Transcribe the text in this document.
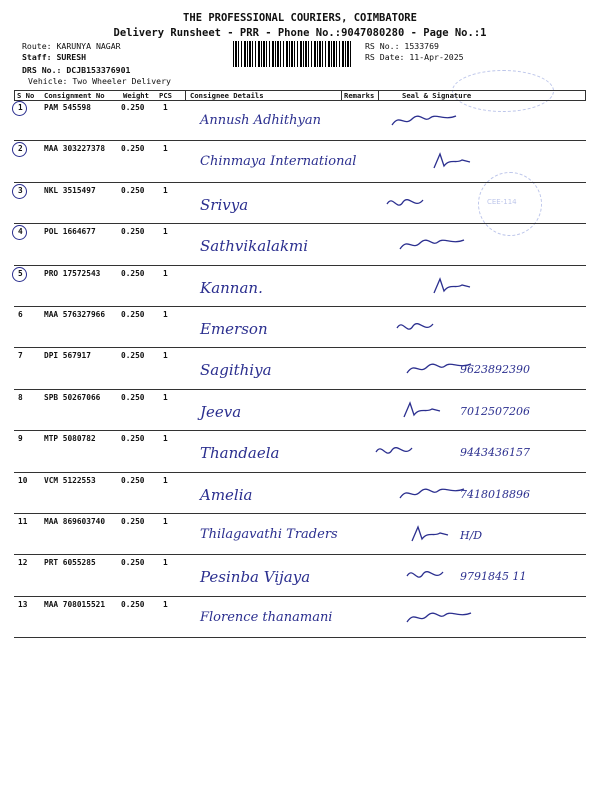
THE PROFESSIONAL COURIERS, COIMBATORE
Delivery Runsheet - PRR - Phone No.:9047080280 - Page No.:1
Route: KARUNYA NAGAR
Staff: SURESH
DRS No.: DCJB153376901
Vehicle: Two Wheeler Delivery
RS No.: 1533769
RS Date: 11-Apr-2025
CEE-114
S No Consignment No	Weight PCS	Consignee Details	Remarks	Seal & Signature
1	PAM 545598	0.250 1
Annush Adhithyan
2	MAA 303227378 0.250 1
Chinmaya International
3	NKL 3515497	0.250 1
Srivya
4	POL 1664677	0.250 1
Sathvikalakmi
5	PRO 17572543	0.250 1
Kannan.
6	MAA 576327966 0.250 1
Emerson
7	DPI 567917	0.250 1
Sagithiya	9623892390
8	SPB 50267066	0.250 1
Jeeva	7012507206
9	MTP 5080782	0.250 1
Thandaela	9443436157
10 VCM 5122553	0.250 1
Amelia	7418018896
11 MAA 869603740 0.250 1
Thilagavathi Traders	H/D
12 PRT 6055285	0.250 1
Pesinba Vijaya	9791845 11
13 MAA 708015521 0.250 1
Florence thanamani
